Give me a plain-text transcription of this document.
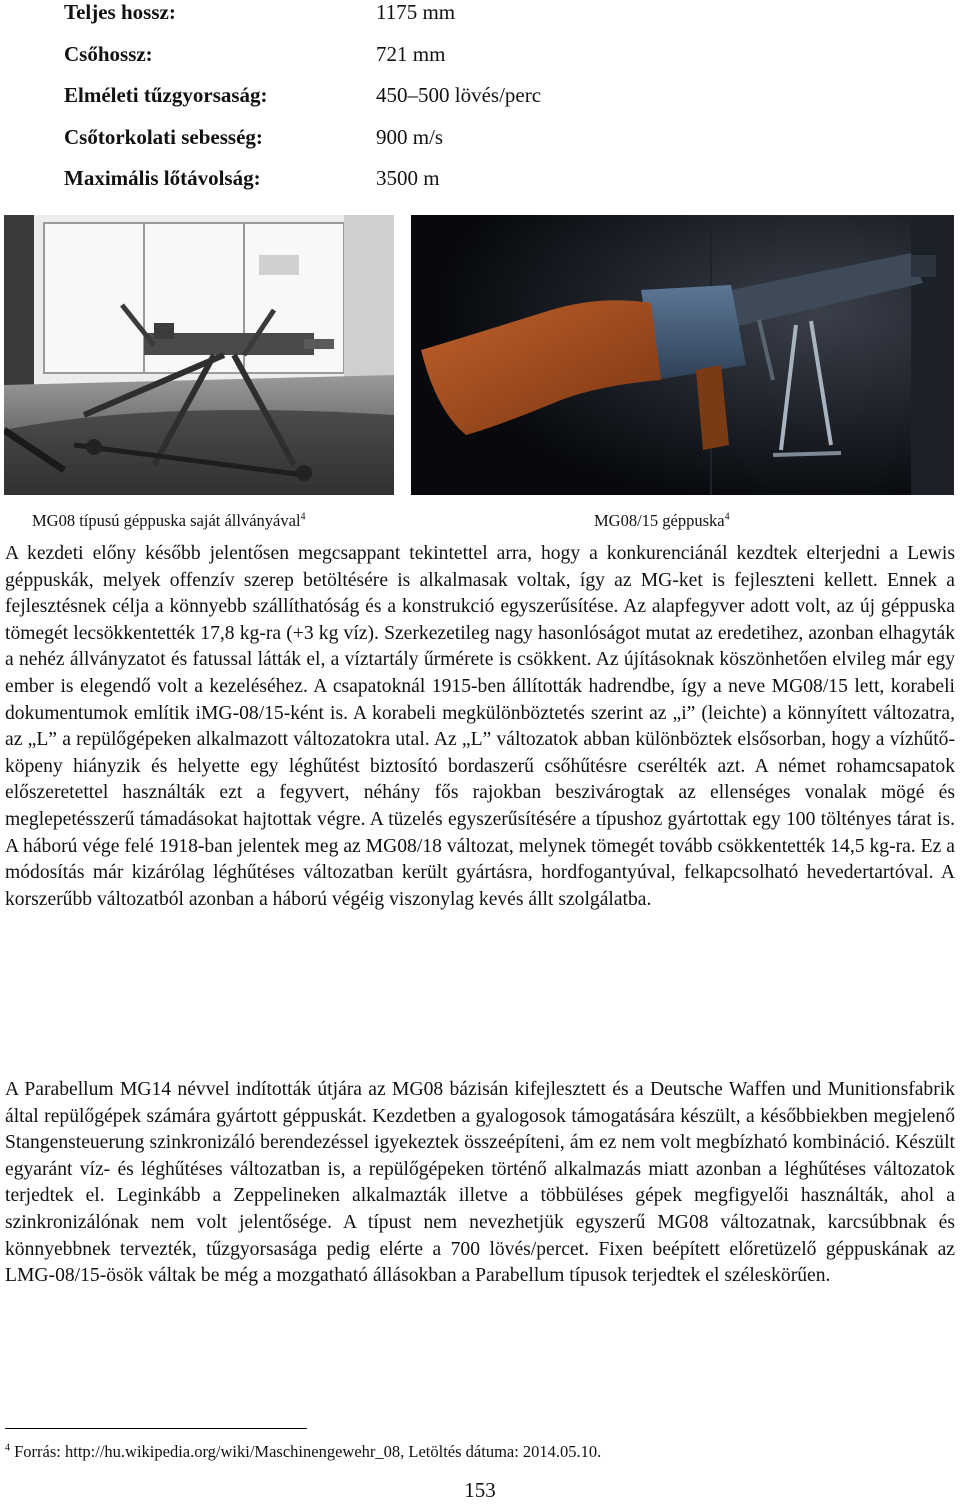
Teljes hossz:	1175 mm
Csőhossz:	721 mm
Elméleti tűzgyorsaság:	450–500 lövés/perc
Csőtorkolati sebesség:	900 m/s
Maximális lőtávolság:	3500 m
MG08 típusú géppuska saját állványával$^4$	MG08/15 géppuska$^4$

A kezdeti előny később jelentősen megcsappant tekintettel arra, hogy a konkurenciánál kezdtek elterjedni a Lewis géppuskák, melyek offenzív szerep betöltésére is alkalmasak voltak, így az MG-ket is fejleszteni kellett. Ennek a fejlesztésnek célja a könnyebb szállíthatóság és a konstrukció egyszerűsítése. Az alapfegyver adott volt, az új géppuska tömegét lecsökkentették 17,8 kg-ra (+3 kg víz). Szerkezetileg nagy hasonlóságot mutat az eredetihez, azonban elhagyták a nehéz állványzatot és fatussal látták el, a víztartály űrmérete is csökkent. Az újításoknak köszönhetően elvileg már egy ember is elegendő volt a kezeléséhez. A csapatoknál 1915-ben állították hadrendbe, így a neve MG08/15 lett, korabeli dokumentumok említik iMG-08/15-ként is. A korabeli megkülönböztetés szerint az „i” (leichte) a könnyített változatra, az „L” a repülőgépeken alkalmazott változatokra utal. Az „L” változatok abban különböztek elsősorban, hogy a vízhűtő-köpeny hiányzik és helyette egy léghűtést biztosító bordaszerű csőhűtésre cserélték azt. A német rohamcsapatok előszeretettel használták ezt a fegyvert, néhány fős rajokban beszivárogtak az ellenséges vonalak mögé és meglepetésszerű támadásokat hajtottak végre. A tüzelés egyszerűsítésére a típushoz gyártottak egy 100 töltényes tárat is. A háború vége felé 1918-ban jelentek meg az MG08/18 változat, melynek tömegét tovább csökkentették 14,5 kg-ra. Ez a módosítás már kizárólag léghűtéses változatban került gyártásra, hordfogantyúval, felkapcsolható hevedertartóval. A korszerűbb változatból azonban a háború végéig viszonylag kevés állt szolgálatba.

A Parabellum MG14 névvel indították útjára az MG08 bázisán kifejlesztett és a Deutsche Waffen und Munitionsfabrik által repülőgépek számára gyártott géppuskát. Kezdetben a gyalogosok támogatására készült, a későbbiekben megjelenő Stangensteuerung szinkronizáló berendezéssel igyekeztek összeépíteni, ám ez nem volt megbízható kombináció. Készült egyaránt víz- és léghűtéses változatban is, a repülőgépeken történő alkalmazás miatt azonban a léghűtéses változatok terjedtek el. Leginkább a Zeppelineken alkalmazták illetve a többüléses gépek megfigyelői használták, ahol a szinkronizálónak nem volt jelentősége. A típust nem nevezhetjük egyszerű MG08 változatnak, karcsúbbnak és könnyebbnek tervezték, tűzgyorsasága pedig elérte a 700 lövés/percet. Fixen beépített előretüzelő géppuskának az LMG-08/15-ösök váltak be még a mozgatható állásokban a Parabellum típusok terjedtek el széleskörűen.

$^4$ Forrás: http://hu.wikipedia.org/wiki/Maschinengewehr_08, Letöltés dátuma: 2014.05.10.
153
